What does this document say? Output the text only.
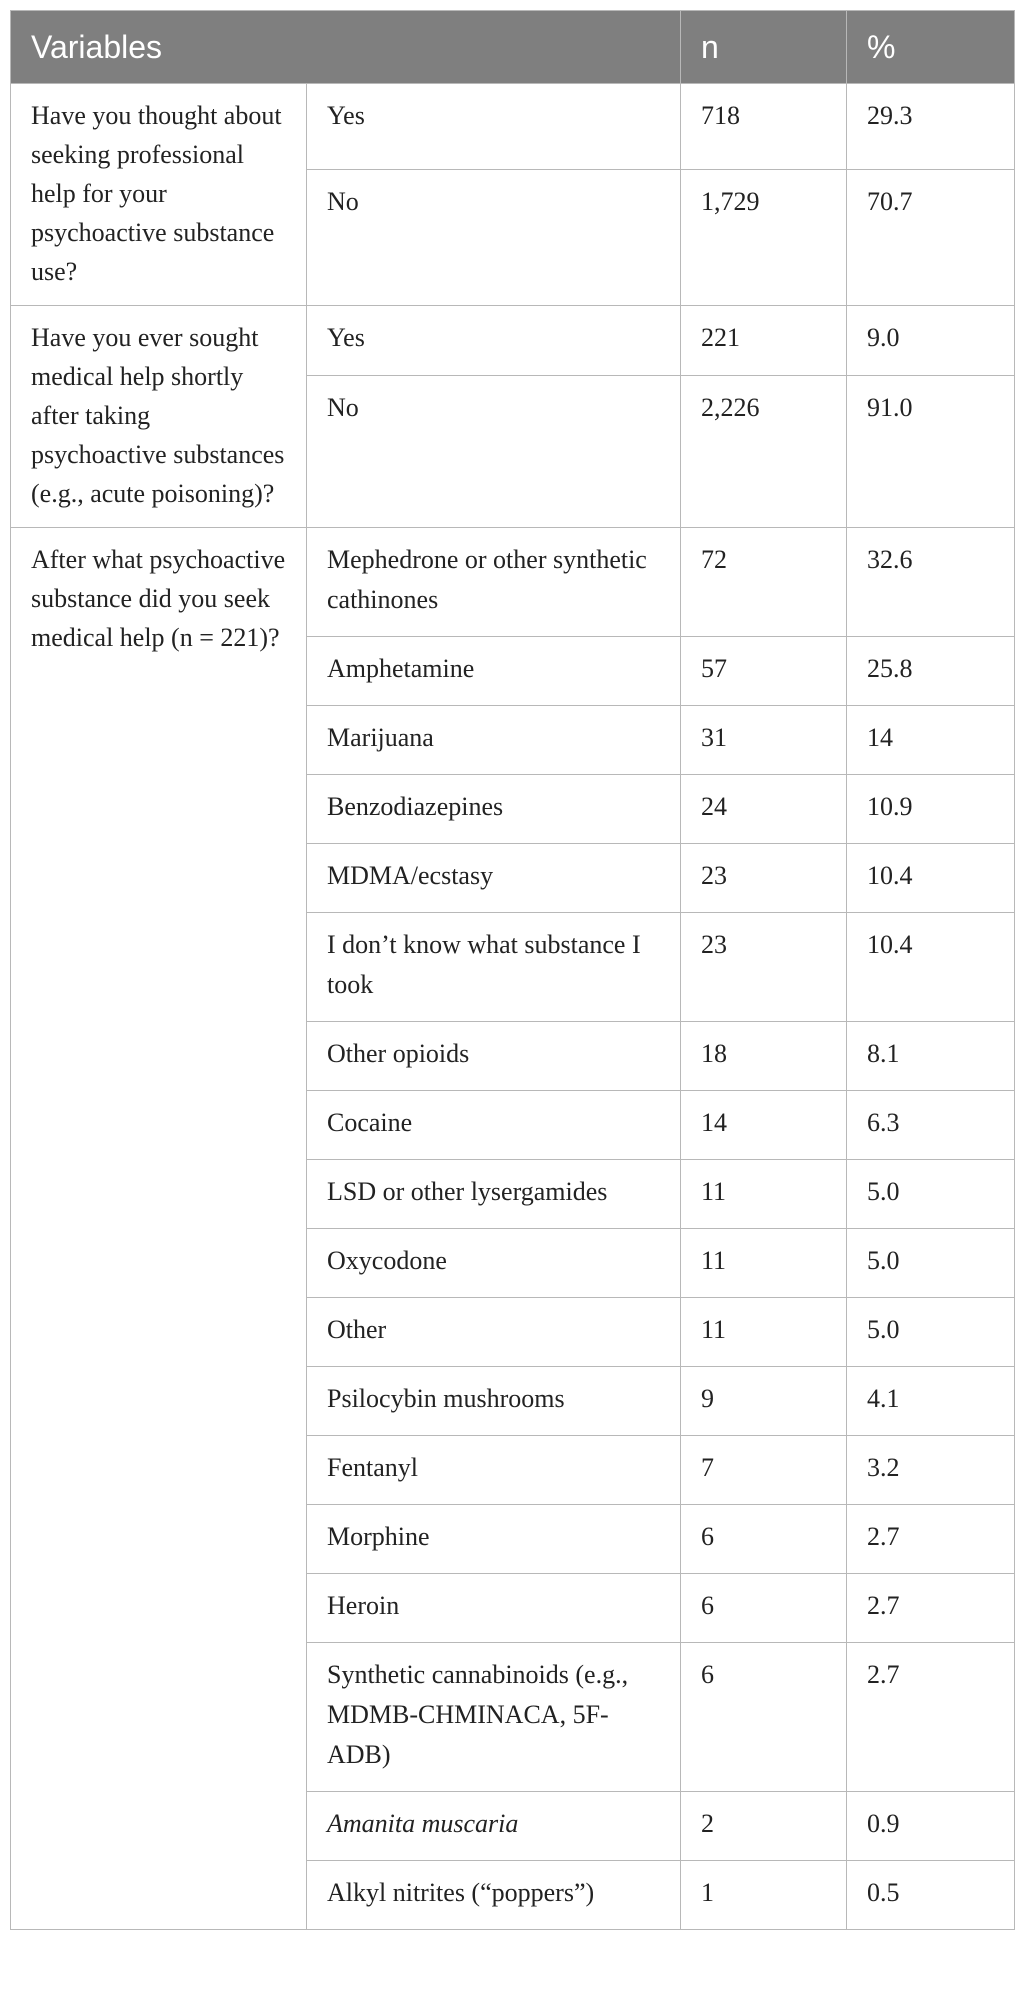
Variables		n	%
Have you thought about seeking professional help for your psychoactive substance use?	Yes	718	29.3
	No	1,729	70.7
Have you ever sought medical help shortly after taking psychoactive substances (e.g., acute poisoning)?	Yes	221	9.0
	No	2,226	91.0
After what psychoactive substance did you seek medical help (n = 221)?	Mephedrone or other synthetic cathinones	72	32.6
	Amphetamine	57	25.8
	Marijuana	31	14
	Benzodiazepines	24	10.9
	MDMA/ecstasy	23	10.4
	I don’t know what substance I took	23	10.4
	Other opioids	18	8.1
	Cocaine	14	6.3
	LSD or other lysergamides	11	5.0
	Oxycodone	11	5.0
	Other	11	5.0
	Psilocybin mushrooms	9	4.1
	Fentanyl	7	3.2
	Morphine	6	2.7
	Heroin	6	2.7
	Synthetic cannabinoids (e.g., MDMB-CHMINACA, 5F-ADB)	6	2.7
	Amanita muscaria	2	0.9
	Alkyl nitrites (“poppers”)	1	0.5
